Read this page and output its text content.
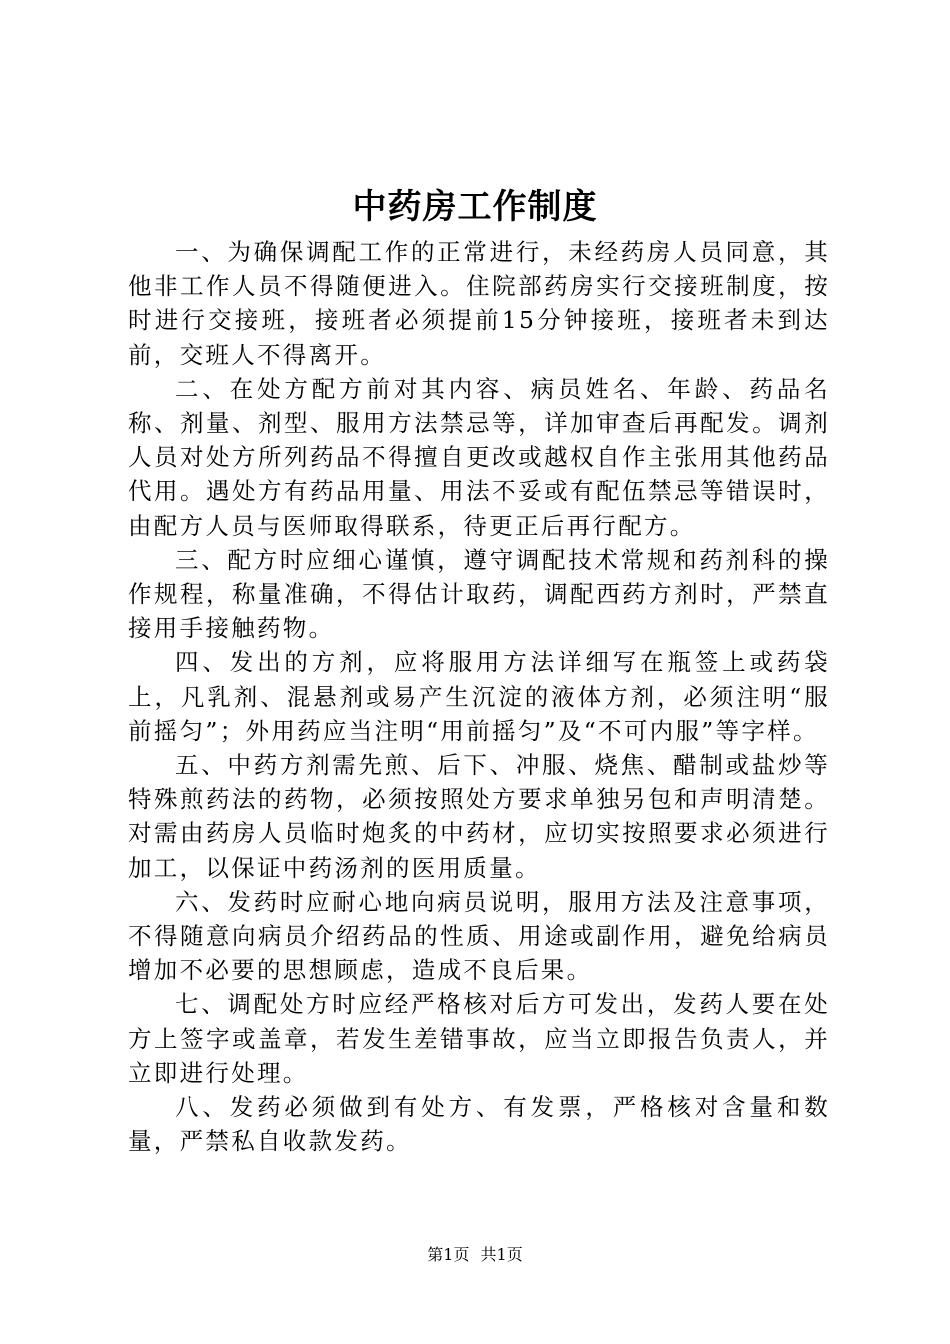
中药房工作制度

一、为确保调配工作的正常进行，未经药房人员同意，其他非工作人员不得随便进入。住院部药房实行交接班制度，按时进行交接班，接班者必须提前15分钟接班，接班者未到达前，交班人不得离开。

二、在处方配方前对其内容、病员姓名、年龄、药品名称、剂量、剂型、服用方法禁忌等，详加审查后再配发。调剂人员对处方所列药品不得擅自更改或越权自作主张用其他药品代用。遇处方有药品用量、用法不妥或有配伍禁忌等错误时，由配方人员与医师取得联系，待更正后再行配方。

三、配方时应细心谨慎，遵守调配技术常规和药剂科的操作规程，称量准确，不得估计取药，调配西药方剂时，严禁直接用手接触药物。

四、发出的方剂，应将服用方法详细写在瓶签上或药袋上，凡乳剂、混悬剂或易产生沉淀的液体方剂，必须注明“服前摇匀”；外用药应当注明“用前摇匀”及“不可内服”等字样。

五、中药方剂需先煎、后下、冲服、烧焦、醋制或盐炒等特殊煎药法的药物，必须按照处方要求单独另包和声明清楚。对需由药房人员临时炮炙的中药材，应切实按照要求必须进行加工，以保证中药汤剂的医用质量。

六、发药时应耐心地向病员说明，服用方法及注意事项，不得随意向病员介绍药品的性质、用途或副作用，避免给病员增加不必要的思想顾虑，造成不良后果。

七、调配处方时应经严格核对后方可发出，发药人要在处方上签字或盖章，若发生差错事故，应当立即报告负责人，并立即进行处理。

八、发药必须做到有处方、有发票，严格核对含量和数量，严禁私自收款发药。

第1页 共1页
